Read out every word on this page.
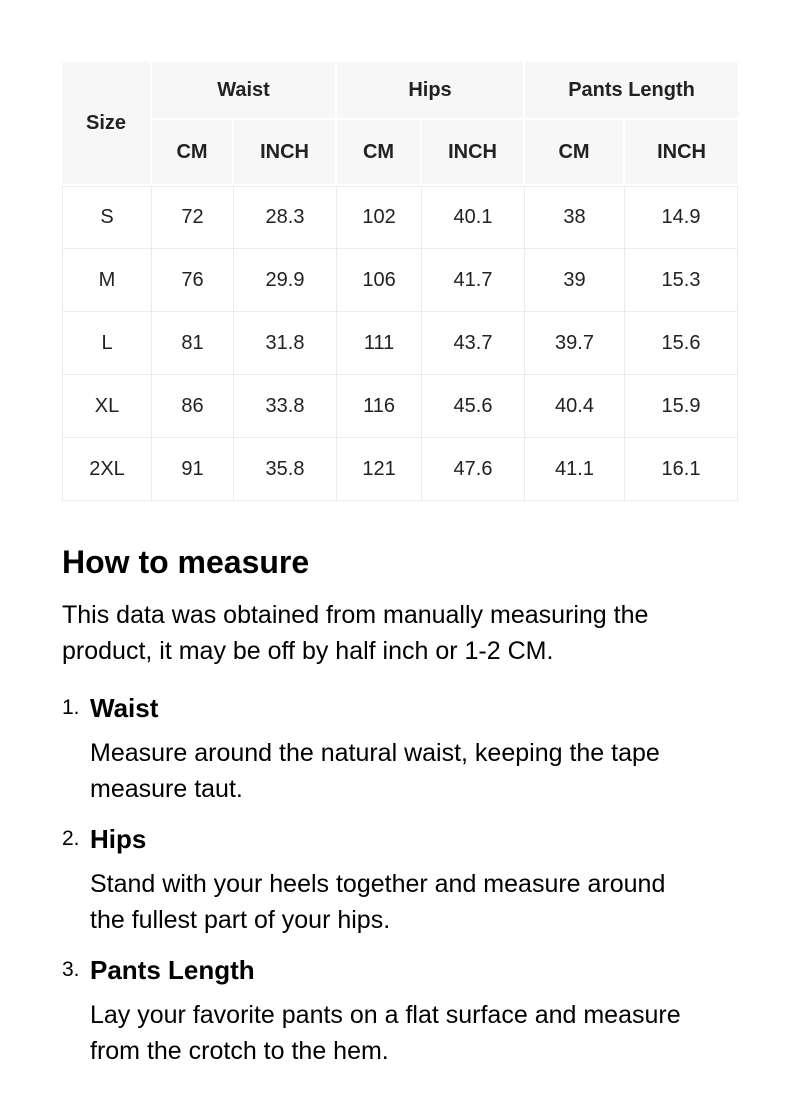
Size	Waist		Hips		Pants Length	
	CM	INCH	CM	INCH	CM	INCH
S	72	28.3	102	40.1	38	14.9
M	76	29.9	106	41.7	39	15.3
L	81	31.8	111	43.7	39.7	15.6
XL	86	33.8	116	45.6	40.4	15.9
2XL	91	35.8	121	47.6	41.1	16.1
How to measure

This data was obtained from manually measuring the product, it may be off by half inch or 1-2 CM.

1. Waist

Measure around the natural waist, keeping the tape measure taut.

2. Hips

Stand with your heels together and measure around the fullest part of your hips.

3. Pants Length

Lay your favorite pants on a flat surface and measure from the crotch to the hem.
